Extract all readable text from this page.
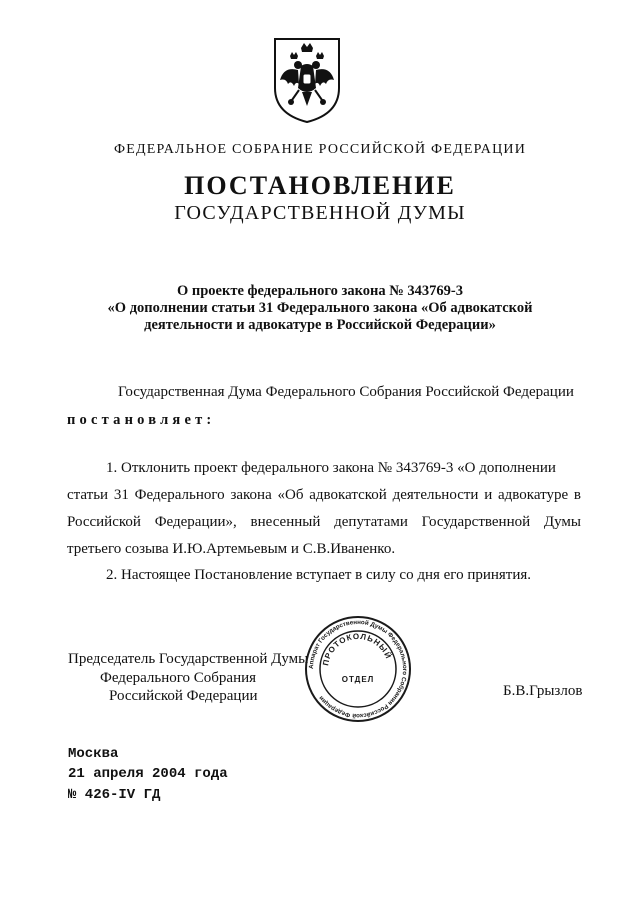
ФЕДЕРАЛЬНОЕ СОБРАНИЕ РОССИЙСКОЙ ФЕДЕРАЦИИ
ПОСТАНОВЛЕНИЕ
ГОСУДАРСТВЕННОЙ ДУМЫ
О проекте федерального закона № 343769-3
«О дополнении статьи 31 Федерального закона «Об адвокатской
деятельности и адвокатуре в Российской Федерации»
Государственная Дума Федерального Собрания Российской Федерации
постановляет:
1. Отклонить проект федерального закона № 343769-3 «О дополнении
статьи 31 Федерального закона «Об адвокатской деятельности и адвокатуре в
Российской Федерации», внесенный депутатами Государственной Думы
третьего созыва И.Ю.Артемьевым и С.В.Иваненко.
2. Настоящее Постановление вступает в силу со дня его принятия.
Председатель Государственной Думы
Федерального Собрания
Российской Федерации	Б.В.Грызлов
Аппарат Государственной Думы Федерального Собрания Российской Федерации
ПРОТОКОЛЬНЫЙ
ОТДЕЛ
Москва
21 апреля 2004 года
№ 426-IV ГД
